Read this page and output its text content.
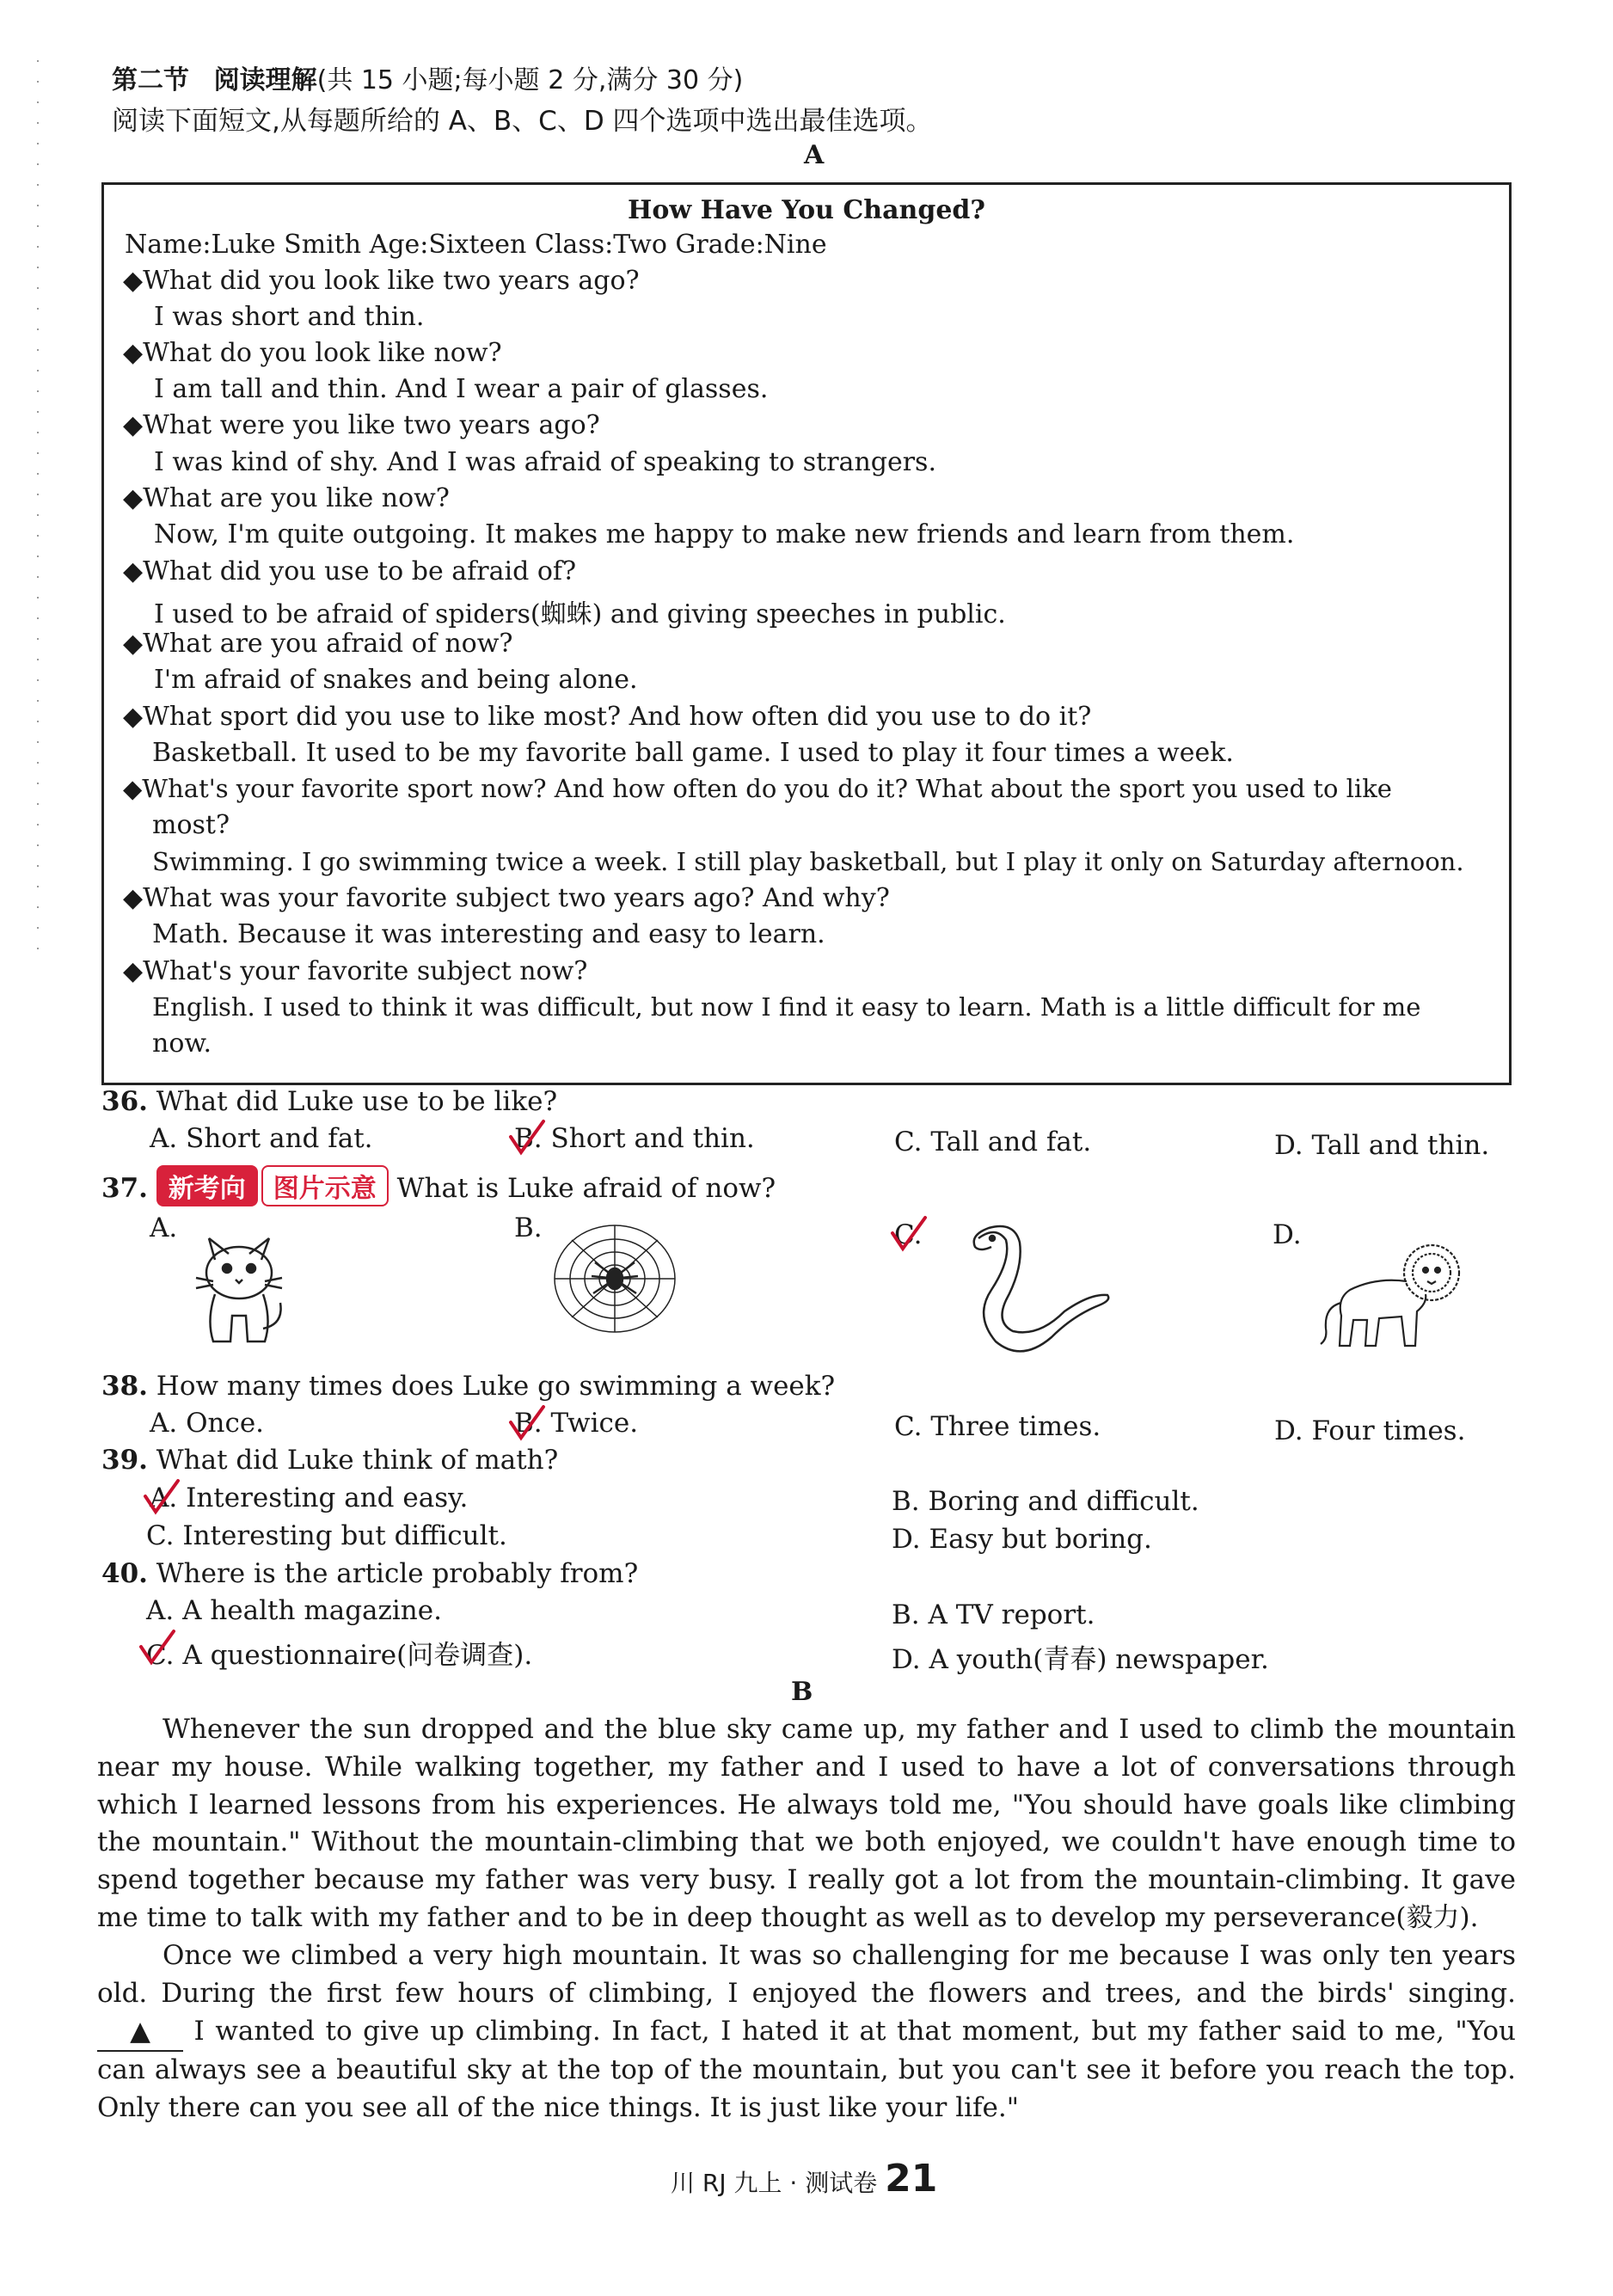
第二节 阅读理解(共 15 小题;每小题 2 分,满分 30 分)
阅读下面短文,从每题所给的 A、B、C、D 四个选项中选出最佳选项。
A
How Have You Changed?
Name:Luke Smith Age:Sixteen Class:Two Grade:Nine
◆What did you look like two years ago?
I was short and thin.
◆What do you look like now?
I am tall and thin. And I wear a pair of glasses.
◆What were you like two years ago?
I was kind of shy. And I was afraid of speaking to strangers.
◆What are you like now?
Now, I'm quite outgoing. It makes me happy to make new friends and learn from them.
◆What did you use to be afraid of?
I used to be afraid of spiders(蜘蛛) and giving speeches in public.
◆What are you afraid of now?
I'm afraid of snakes and being alone.
◆What sport did you use to like most? And how often did you use to do it?
Basketball. It used to be my favorite ball game. I used to play it four times a week.
◆What's your favorite sport now? And how often do you do it? What about the sport you used to like
most?
Swimming. I go swimming twice a week. I still play basketball, but I play it only on Saturday afternoon.
◆What was your favorite subject two years ago? And why?
Math. Because it was interesting and easy to learn.
◆What's your favorite subject now?
English. I used to think it was difficult, but now I find it easy to learn. Math is a little difficult for me
now.
36. What did Luke use to be like?
A. Short and fat.	B. Short and thin.	C. Tall and fat.	D. Tall and thin.
37. 新考向 图片示意 What is Luke afraid of now?
A.	B.	C.	D.
38. How many times does Luke go swimming a week?
A. Once.	B. Twice.	C. Three times.	D. Four times.
39. What did Luke think of math?
A. Interesting and easy.	B. Boring and difficult.
C. Interesting but difficult.	D. Easy but boring.
40. Where is the article probably from?
A. A health magazine.	B. A TV report.
C. A questionnaire(问卷调查).	D. A youth(青春) newspaper.
B
Whenever the sun dropped and the blue sky came up, my father and I used to climb the mountain near my house. While walking together, my father and I used to have a lot of conversations through which I learned lessons from his experiences. He always told me, "You should have goals like climbing the mountain." Without the mountain-climbing that we both enjoyed, we couldn't have enough time to spend together because my father was very busy. I really got a lot from the mountain-climbing. It gave me time to talk with my father and to be in deep thought as well as to develop my perseverance(毅力).
Once we climbed a very high mountain. It was so challenging for me because I was only ten years old. During the first few hours of climbing, I enjoyed the flowers and trees, and the birds' singing. ▲ I wanted to give up climbing. In fact, I hated it at that moment, but my father said to me, "You can always see a beautiful sky at the top of the mountain, but you can't see it before you reach the top. Only there can you see all of the nice things. It is just like your life."
川 RJ 九上 · 测试卷 21
